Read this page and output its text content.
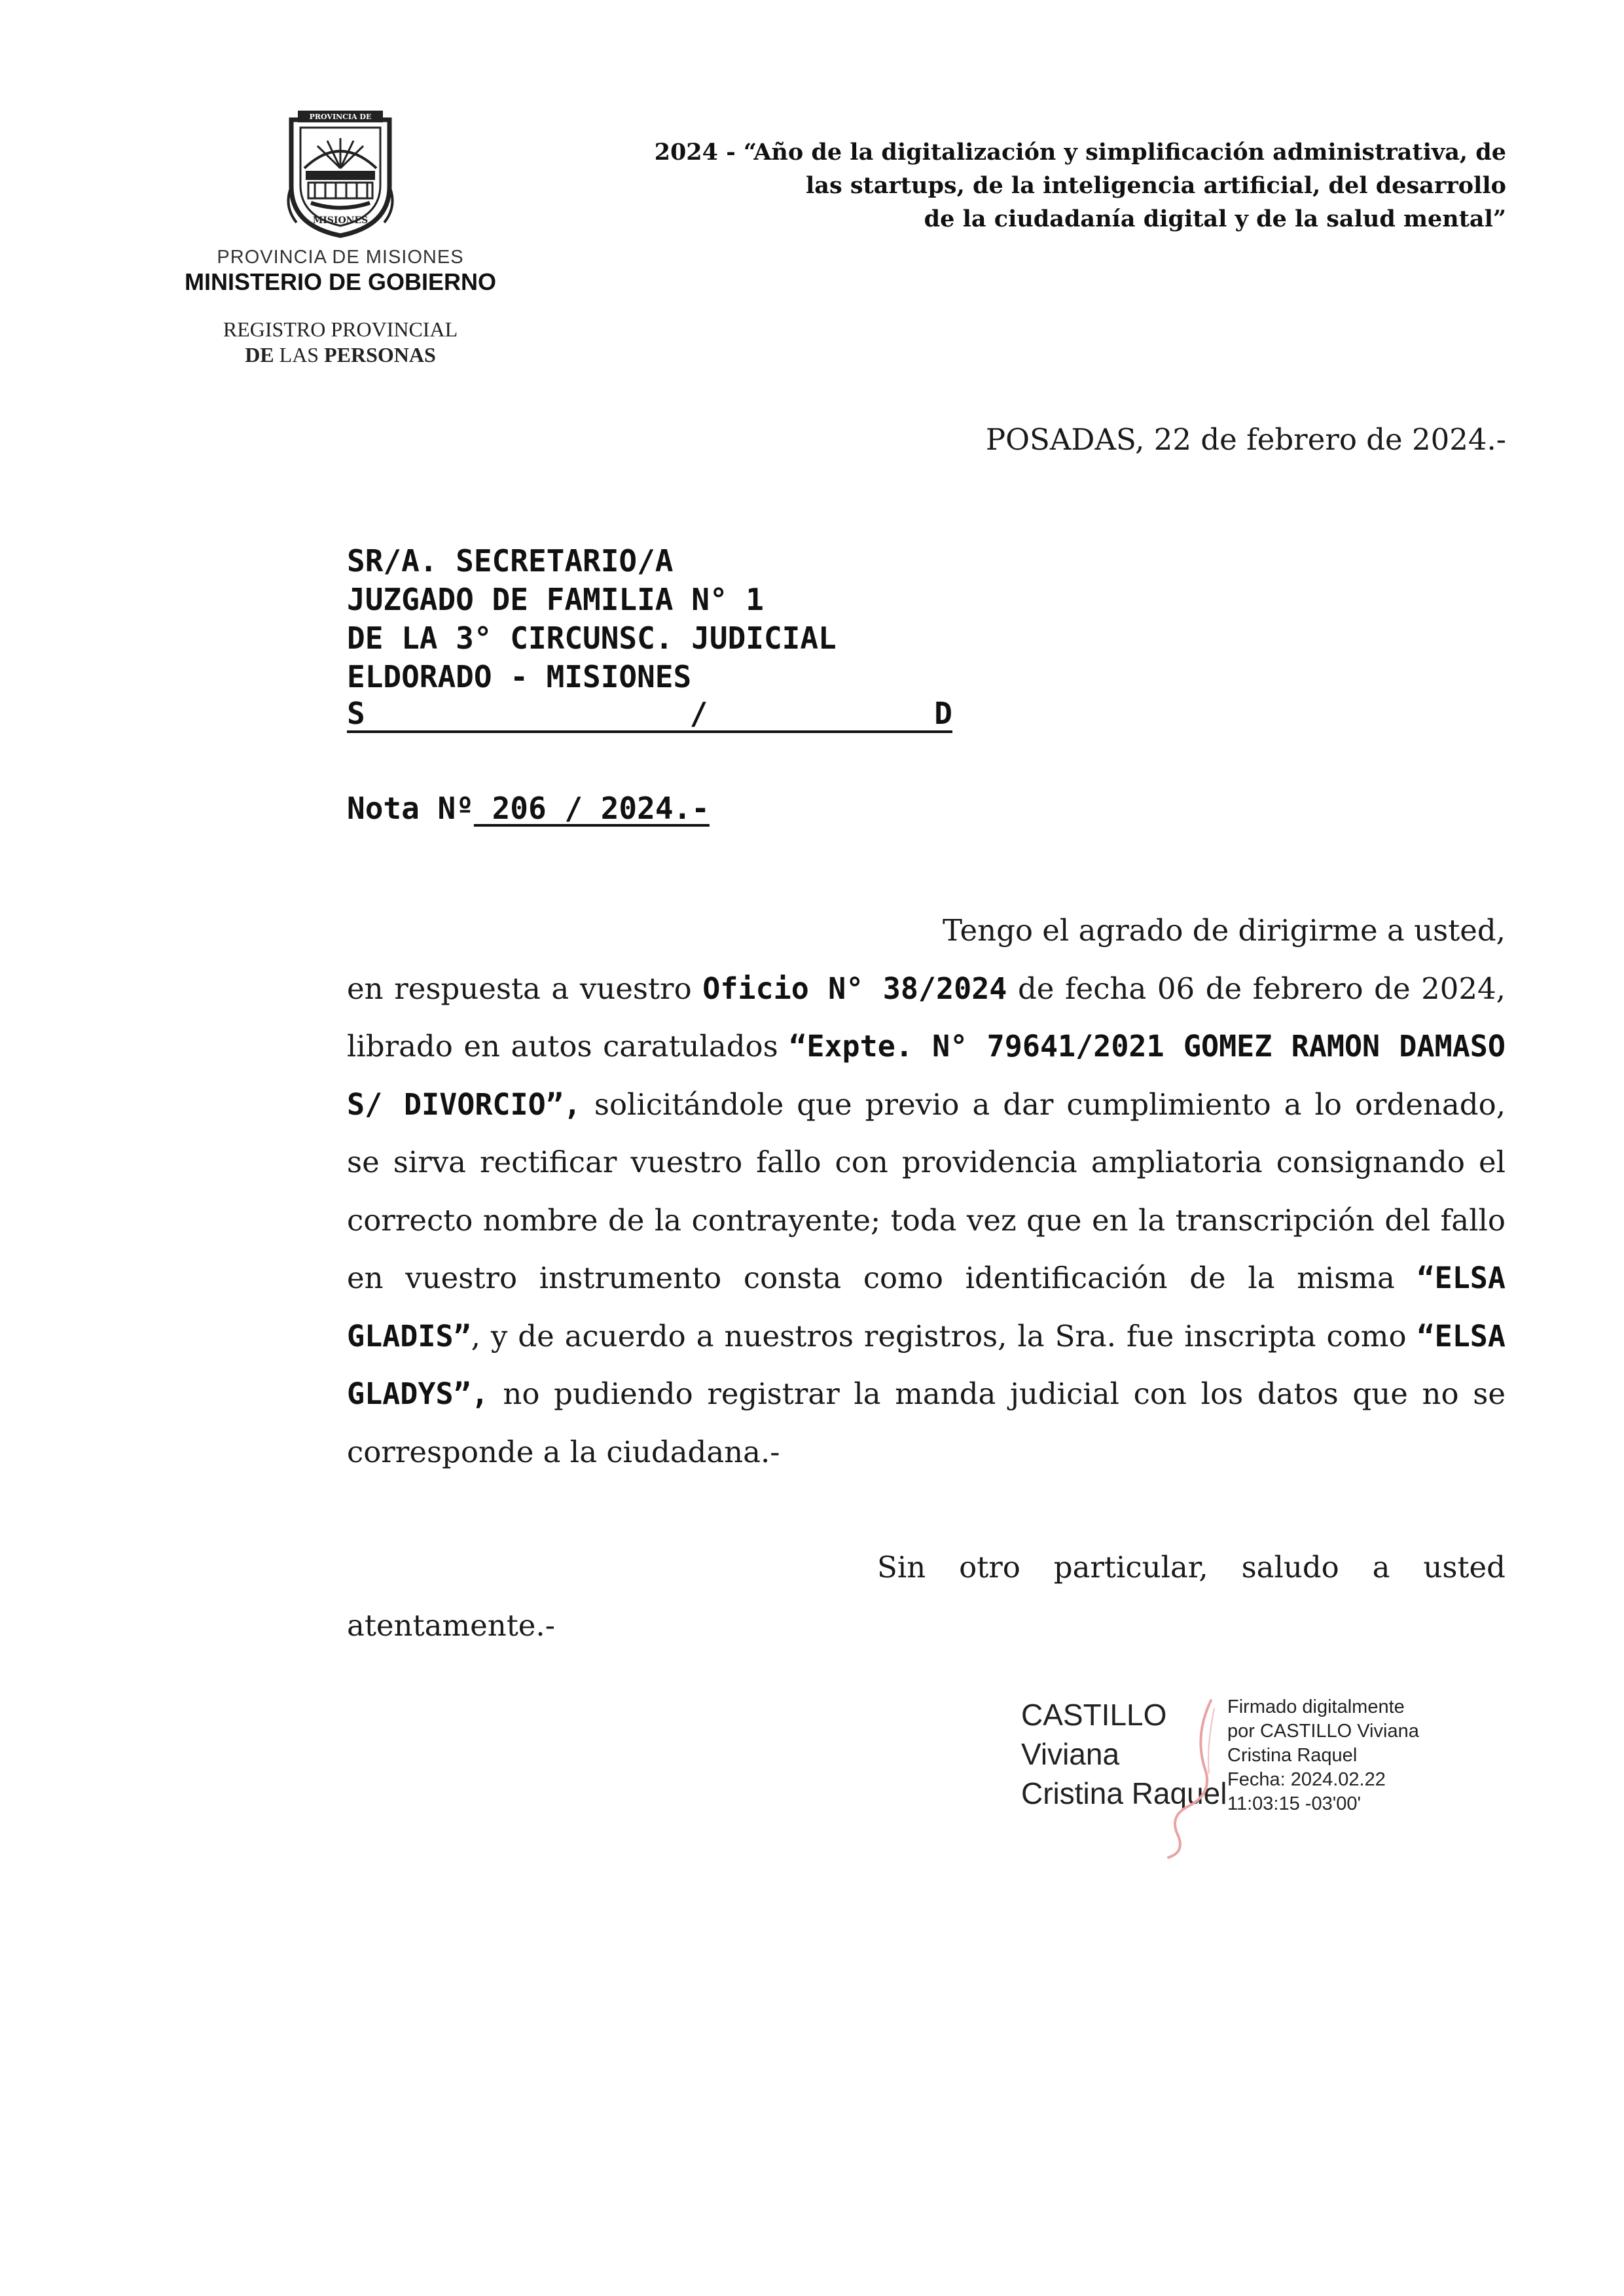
PROVINCIA DE
MISIONES
PROVINCIA DE MISIONES
MINISTERIO DE GOBIERNO
REGISTRO PROVINCIAL
DE LAS PERSONAS
2024 - “Año de la digitalización y simplificación administrativa, de
las startups, de la inteligencia artificial, del desarrollo
de la ciudadanía digital y de la salud mental”
POSADAS, 22 de febrero de 2024.-
SR/A. SECRETARIO/A
JUZGADO DE FAMILIA N° 1
DE LA 3° CIRCUNSC. JUDICIAL
ELDORADO - MISIONES
S	/	D
Nota Nº 206 / 2024.-
Tengo el agrado de dirigirme a usted,
en respuesta a vuestro Oficio N° 38/2024 de fecha 06 de febrero de 2024, librado en autos caratulados “Expte. N° 79641/2021 GOMEZ RAMON DAMASO S/ DIVORCIO”, solicitándole que previo a dar cumplimiento a lo ordenado, se sirva rectificar vuestro fallo con providencia ampliatoria consignando el correcto nombre de la contrayente; toda vez que en la transcripción del fallo en vuestro instrumento consta como identificación de la misma “ELSA GLADIS”, y de acuerdo a nuestros registros, la Sra. fue inscripta como “ELSA GLADYS”, no pudiendo registrar la manda judicial con los datos que no se corresponde a la ciudadana.-
Sin otro particular, saludo a usted
atentamente.-
CASTILLO
Viviana
Cristina Raquel
Firmado digitalmente
por CASTILLO Viviana
Cristina Raquel
Fecha: 2024.02.22
11:03:15 -03'00'
